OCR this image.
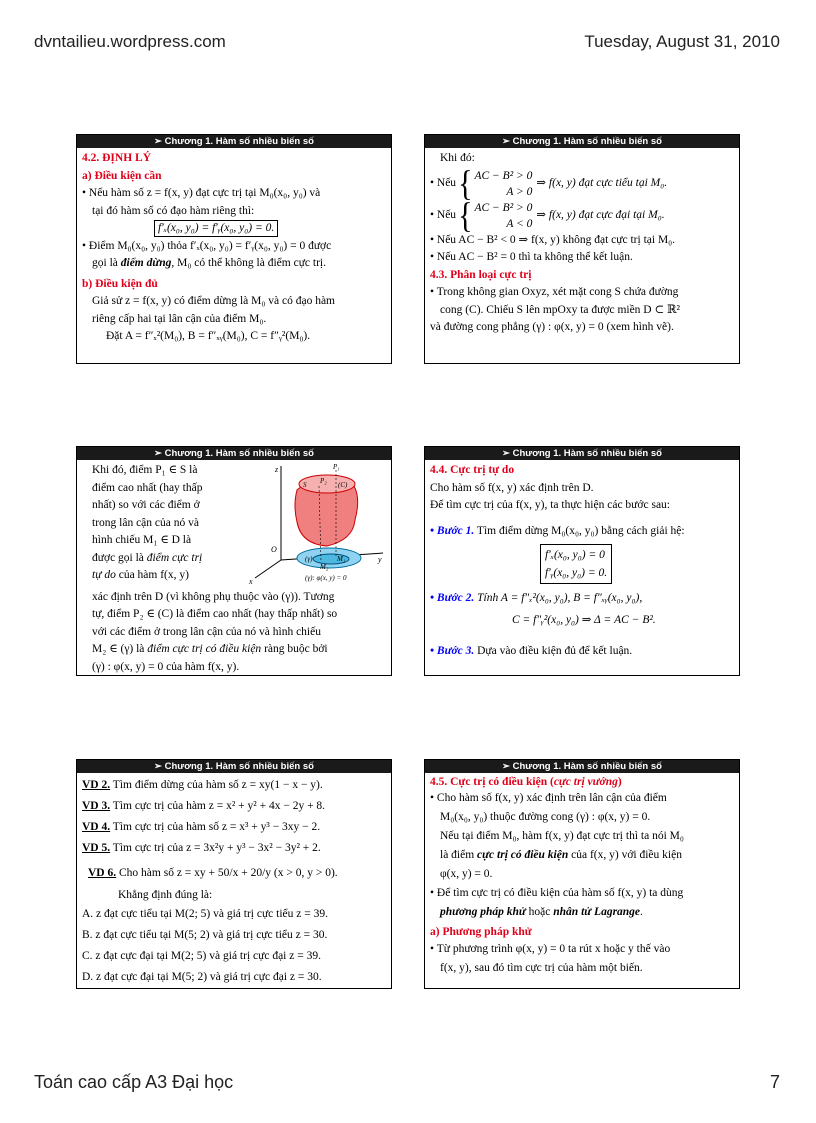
dvntailieu.wordpress.com	Tuesday, August 31, 2010
➢ Chương 1. Hàm số nhiều biến số
4.2. ĐỊNH LÝ
a) Điều kiện cần
• Nếu hàm số z = f(x, y) đạt cực trị tại M₀(x₀, y₀) và
tại đó hàm số có đạo hàm riêng thì:
f′ₓ(x₀, y₀) = f′ᵧ(x₀, y₀) = 0.
• Điểm M₀(x₀, y₀) thỏa f′ₓ(x₀, y₀) = f′ᵧ(x₀, y₀) = 0 được
gọi là điểm dừng, M₀ có thể không là điểm cực trị.
b) Điều kiện đủ
Giả sử z = f(x, y) có điểm dừng là M₀ và có đạo hàm
riêng cấp hai tại lân cận của điểm M₀.
Đặt A = f″ₓ²(M₀), B = f″ₓᵧ(M₀), C = f″ᵧ²(M₀).
➢ Chương 1. Hàm số nhiều biến số
Khi đó:
• Nếu { AC − B² > 0
A > 0
⇒ f(x, y) đạt cực tiểu tại M₀.
• Nếu { AC − B² > 0
A < 0
⇒ f(x, y) đạt cực đại tại M₀.
• Nếu AC − B² < 0 ⇒ f(x, y) không đạt cực trị tại M₀.
• Nếu AC − B² = 0 thì ta không thể kết luận.
4.3. Phân loại cực trị
• Trong không gian Oxyz, xét mặt cong S chứa đường
cong (C). Chiếu S lên mpOxy ta được miền D ⊂ ℝ²
và đường cong phẳng (γ) : φ(x, y) = 0 (xem hình vẽ).
➢ Chương 1. Hàm số nhiều biến số
Khi đó, điểm P₁ ∈ S là
điểm cao nhất (hay thấp
nhất) so với các điểm ở
trong lân cận của nó và
hình chiếu M₁ ∈ D là
được gọi là điểm cực trị
tự do của hàm f(x, y)
xác định trên D (vì không phụ thuộc vào (γ)). Tương
tự, điểm P₂ ∈ (C) là điểm cao nhất (hay thấp nhất) so
với các điểm ở trong lân cận của nó và hình chiếu
M₂ ∈ (γ) là điểm cực trị có điều kiện ràng buộc bởi
(γ) : φ(x, y) = 0 của hàm f(x, y).
z
x
y
O
P₁
P₂
S	(C)
M₁
M₂
(γ)
(γ): φ(x, y) = 0
➢ Chương 1. Hàm số nhiều biến số
4.4. Cực trị tự do
Cho hàm số f(x, y) xác định trên D.
Để tìm cực trị của f(x, y), ta thực hiện các bước sau:
• Bước 1. Tìm điểm dừng M₀(x₀, y₀) bằng cách giải hệ:
f′ₓ(x₀, y₀) = 0
f′ᵧ(x₀, y₀) = 0.
• Bước 2. Tính A = f″ₓ²(x₀, y₀), B = f″ₓᵧ(x₀, y₀),
C = f″ᵧ²(x₀, y₀) ⇒ Δ = AC − B².
• Bước 3. Dựa vào điều kiện đủ để kết luận.
➢ Chương 1. Hàm số nhiều biến số
VD 2. Tìm điểm dừng của hàm số z = xy(1 − x − y).
VD 3. Tìm cực trị của hàm z = x² + y² + 4x − 2y + 8.
VD 4. Tìm cực trị của hàm số z = x³ + y³ − 3xy − 2.
VD 5. Tìm cực trị của z = 3x²y + y³ − 3x² − 3y² + 2.
VD 6. Cho hàm số z = xy + 50/x + 20/y (x > 0, y > 0).
Khẳng định đúng là:
A. z đạt cực tiểu tại M(2; 5) và giá trị cực tiểu z = 39.
B. z đạt cực tiểu tại M(5; 2) và giá trị cực tiểu z = 30.
C. z đạt cực đại tại M(2; 5) và giá trị cực đại z = 39.
D. z đạt cực đại tại M(5; 2) và giá trị cực đại z = 30.
➢ Chương 1. Hàm số nhiều biến số
4.5. Cực trị có điều kiện (cực trị vướng)
• Cho hàm số f(x, y) xác định trên lân cận của điểm
M₀(x₀, y₀) thuộc đường cong (γ) : φ(x, y) = 0.
Nếu tại điểm M₀, hàm f(x, y) đạt cực trị thì ta nói M₀
là điểm cực trị có điều kiện của f(x, y) với điều kiện
φ(x, y) = 0.
• Để tìm cực trị có điều kiện của hàm số f(x, y) ta dùng
phương pháp khử hoặc nhân tử Lagrange.
a) Phương pháp khử
• Từ phương trình φ(x, y) = 0 ta rút x hoặc y thế vào
f(x, y), sau đó tìm cực trị của hàm một biến.
Toán cao cấp A3 Đại học	7
